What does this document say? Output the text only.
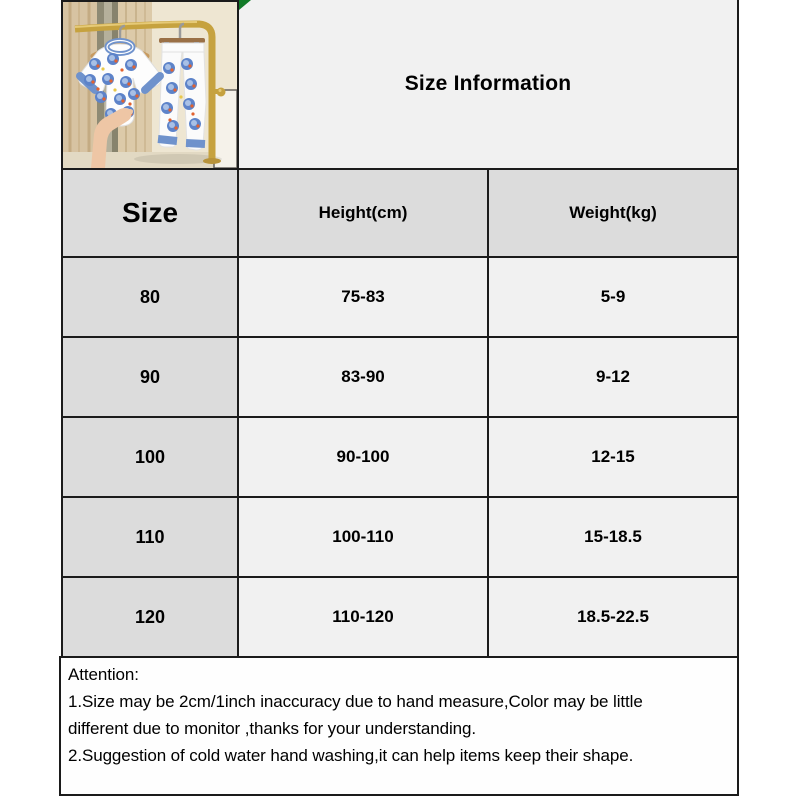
Size Information
Size	Height(cm)	Weight(kg)
80	75-83	5-9
90	83-90	9-12
100	90-100	12-15
110	100-110	15-18.5
120	110-120	18.5-22.5
Attention:
1.Size may be 2cm/1inch inaccuracy due to hand measure,Color may be little
different due to monitor ,thanks for your understanding.
2.Suggestion of cold water hand washing,it can help items keep their shape.
